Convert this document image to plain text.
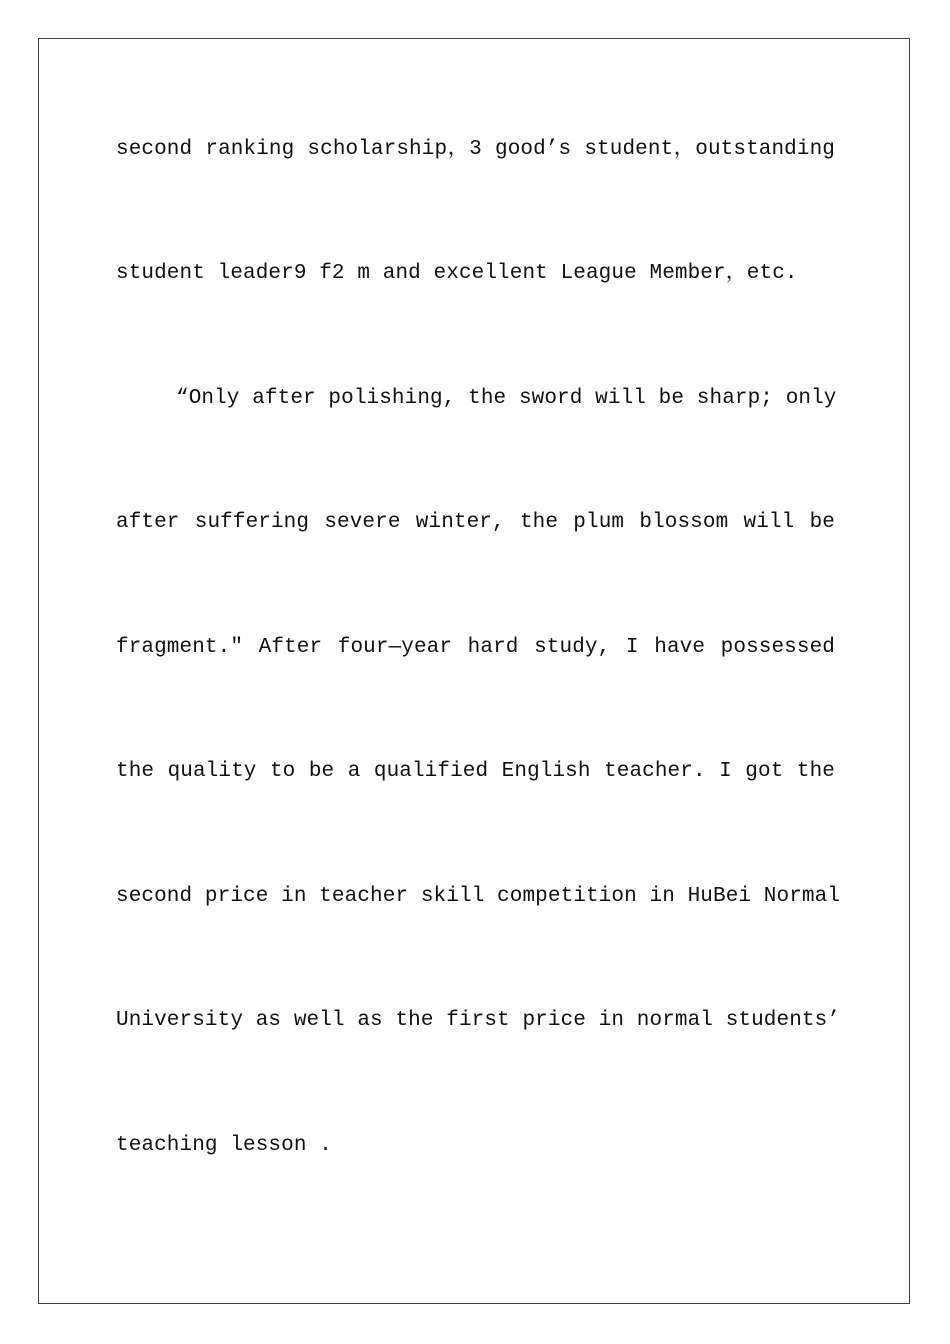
second ranking scholarship，3 good’s student，outstanding
student leader9 f2 m and excellent League Member，etc.
“Only after polishing, the sword will be sharp; only
after suffering severe winter, the plum blossom will be
fragment.″ After four—year hard study, I have possessed
the quality to be a qualified English teacher. I got the
second price in teacher skill competition in HuBei Normal
University as well as the first price in normal students’
teaching lesson .
